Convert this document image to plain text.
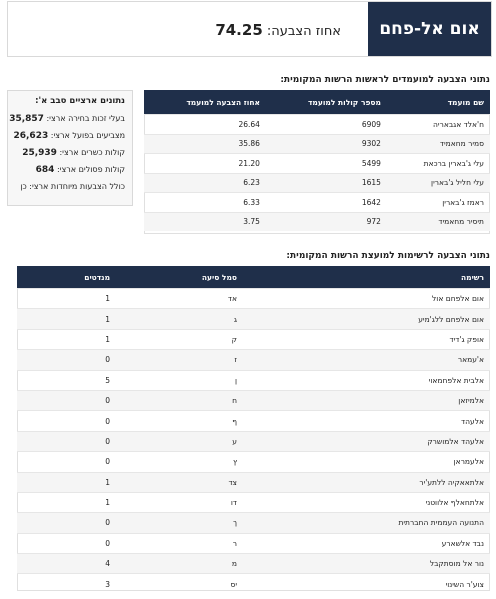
אום אל-פחם
אחוז הצבעה: 74.25
נתוני הצבעה למועמדים לראשות הרשות המקומית:
שם מועמד	מספר קולות למועמד	אחוז הצבעה למועמד
ח'אלד אגבאריה	6909	26.64
סמיר מחאמיד	9302	35.86
עלי ג'בארין ברכאת	5499	21.20
עלי חליל ג'בארין	1615	6.23
ראמז ג'בארין	1642	6.33
תיסיר מחאמיד	972	3.75
נתונים ארציים סבב א':
בעלי זכות בחירה ארצי: 35,857
מצביעים בפועל ארצי: 26,623
קולות כשרים ארצי: 25,939
קולות פסולים ארצי: 684
כולל הצבעות מיוחדות ארצי: כן
נתוני הצבעה לרשימות למועצת הרשות המקומית:
רשימה	סמל סיעה	מנדטים
אום אלפחם אול	אד	1
אום אלפחם ללג'מיע	ג	1
אופק ג'דיד	ק	1
א'עמאר	ז	0
אלבית אלפחמאוי	ן	5
אלמיזאן	ח	0
אלעהד	ף	0
אלעהד אלמושרק	ע	0
אלעמראן	ץ	0
אלתאאקיה ללתע'יר	צד	1
אלתחאלף אלווטני	דו	1
התנועה העממית החברתית	ך	0
נבד אלשארע	ר	0
נור אל מוסתקבל	מ	4
צוע'ר השינוי	יס	3
